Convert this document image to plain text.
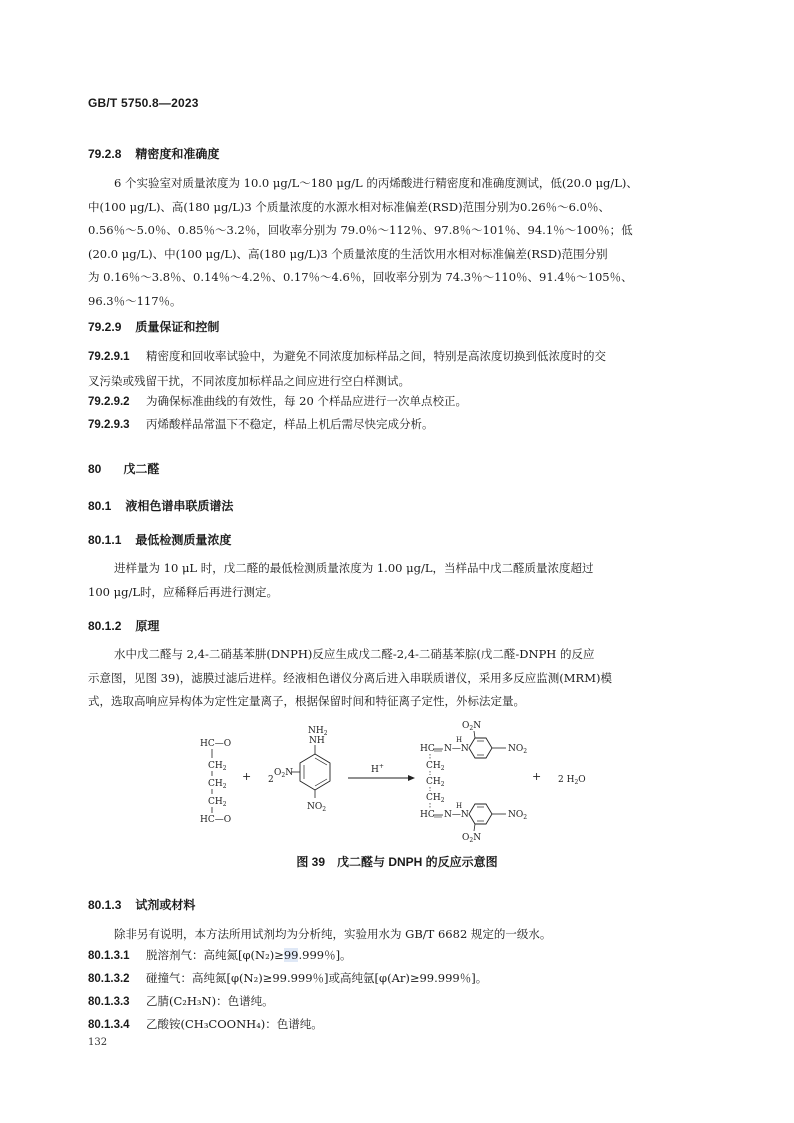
GB/T 5750.8—2023
79.2.8 精密度和准确度
6 个实验室对质量浓度为 10.0 μg/L～180 μg/L 的丙烯酸进行精密度和准确度测试，低(20.0 μg/L)、
中(100 μg/L)、高(180 μg/L)3 个质量浓度的水源水相对标准偏差(RSD)范围分别为0.26％～6.0％、
0.56％～5.0％、0.85％～3.2％，回收率分别为 79.0％～112％、97.8％～101％、94.1％～100％；低
(20.0 μg/L)、中(100 μg/L)、高(180 μg/L)3 个质量浓度的生活饮用水相对标准偏差(RSD)范围分别
为 0.16％～3.8％、0.14％～4.2％、0.17％～4.6％，回收率分别为 74.3％～110％、91.4％～105％、
96.3％～117％。
79.2.9 质量保证和控制
79.2.9.1 精密度和回收率试验中，为避免不同浓度加标样品之间，特别是高浓度切换到低浓度时的交
叉污染或残留干扰，不同浓度加标样品之间应进行空白样测试。
79.2.9.2 为确保标准曲线的有效性，每 20 个样品应进行一次单点校正。
79.2.9.3 丙烯酸样品常温下不稳定，样品上机后需尽快完成分析。
80 戊二醛
80.1 液相色谱串联质谱法
80.1.1 最低检测质量浓度
进样量为 10 μL 时，戊二醛的最低检测质量浓度为 1.00 μg/L，当样品中戊二醛质量浓度超过
100 μg/L时，应稀释后再进行测定。
80.1.2 原理
水中戊二醛与 2,4-二硝基苯肼(DNPH)反应生成戊二醛-2,4-二硝基苯腙(戊二醛-DNPH 的反应
示意图，见图 39)，滤膜过滤后进样。经液相色谱仪分离后进入串联质谱仪，采用多反应监测(MRM)模
式，选取高响应异构体为定性定量离子，根据保留时间和特征离子定性，外标法定量。
HC—O
$CH_2$
$CH_2$
$CH_2$
HC—O
+ 2
$NH_2$
NH
$O_2N$
$NO_2$
H+
HC
$CH_2$
$CH_2$
$CH_2$
HC
N—N
H
N—N
H
$O_2N$
$NO_2$
$NO_2$
$O_2N$
+ 2 $H_2O$
图 39　戊二醛与 DNPH 的反应示意图
80.1.3 试剂或材料
除非另有说明，本方法所用试剂均为分析纯，实验用水为 GB/T 6682 规定的一级水。
80.1.3.1 脱溶剂气：高纯氮[φ(N₂)≥99.999％]。
80.1.3.2 碰撞气：高纯氮[φ(N₂)≥99.999％]或高纯氩[φ(Ar)≥99.999％]。
80.1.3.3 乙腈(C₂H₃N)：色谱纯。
80.1.3.4 乙酸铵(CH₃COONH₄)：色谱纯。
132
